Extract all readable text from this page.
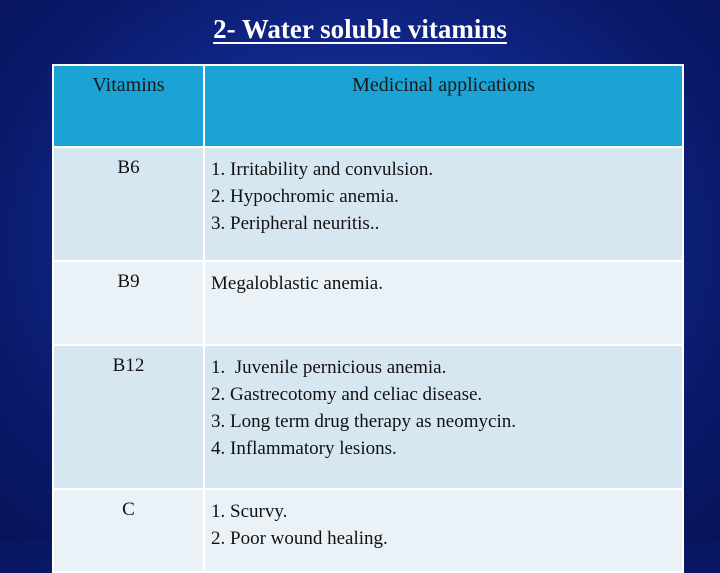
2- Water soluble vitamins
Vitamins	Medicinal applications
B6	1. Irritability and convulsion.
2. Hypochromic anemia.
3. Peripheral neuritis..

B9	Megaloblastic anemia.

B12	1.  Juvenile pernicious anemia.
2. Gastrecotomy and celiac disease.
3. Long term drug therapy as neomycin.
4. Inflammatory lesions.

C	1. Scurvy.
2. Poor wound healing.
